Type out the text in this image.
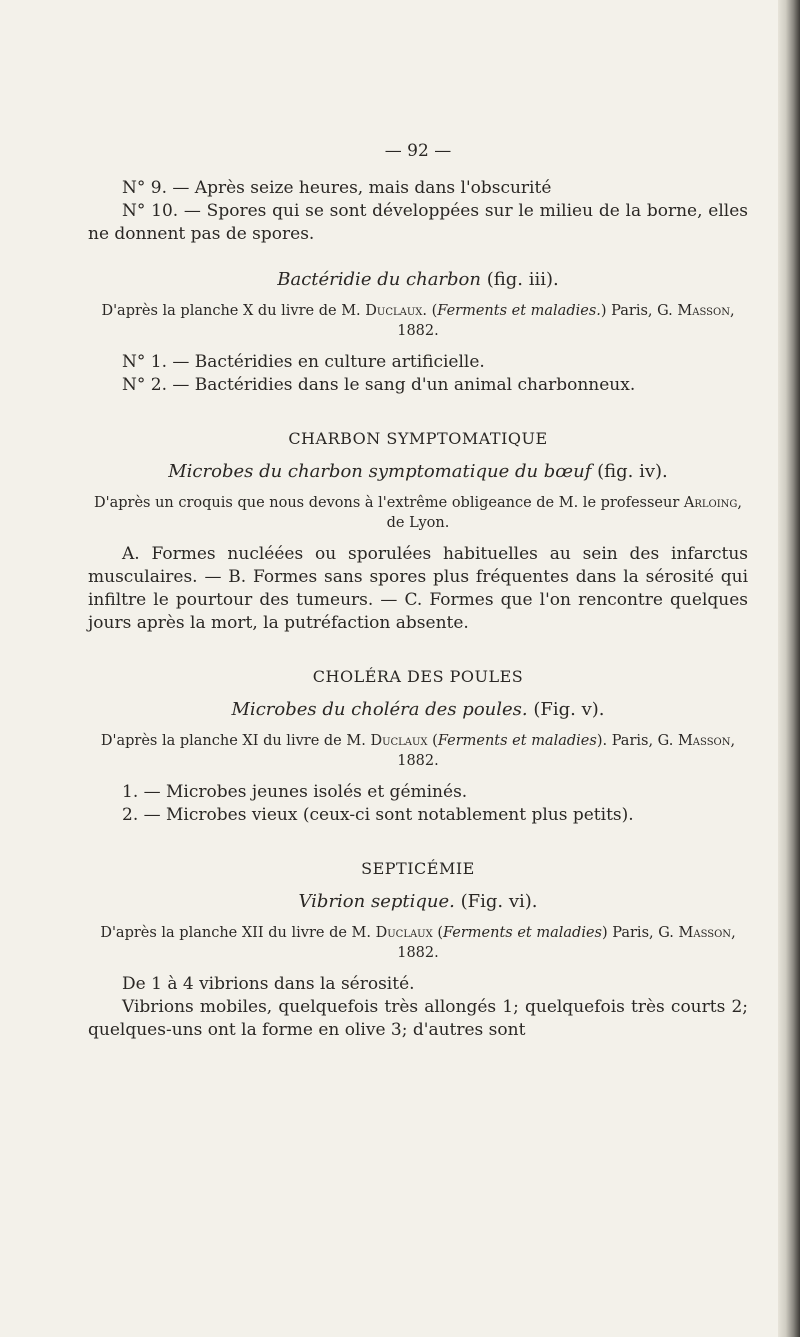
— 92 —

N° 9. — Après seize heures, mais dans l'obscurité

N° 10. — Spores qui se sont développées sur le milieu de la borne, elles ne donnent pas de spores.

Bactéridie du charbon (fig. iii).

D'après la planche X du livre de M. Duclaux. (Ferments et maladies.) Paris, G. Masson, 1882.

N° 1. — Bactéridies en culture artificielle.

N° 2. — Bactéridies dans le sang d'un animal charbonneux.

CHARBON SYMPTOMATIQUE

Microbes du charbon symptomatique du bœuf (fig. iv).

D'après un croquis que nous devons à l'extrême obligeance de M. le professeur Arloing, de Lyon.

A. Formes nucléées ou sporulées habituelles au sein des infarctus musculaires. — B. Formes sans spores plus fréquentes dans la sérosité qui infiltre le pourtour des tumeurs. — C. Formes que l'on rencontre quelques jours après la mort, la putréfaction absente.

CHOLÉRA DES POULES

Microbes du choléra des poules. (Fig. v).

D'après la planche XI du livre de M. Duclaux (Ferments et maladies). Paris, G. Masson, 1882.

1. — Microbes jeunes isolés et géminés.

2. — Microbes vieux (ceux-ci sont notablement plus petits).

SEPTICÉMIE

Vibrion septique. (Fig. vi).

D'après la planche XII du livre de M. Duclaux (Ferments et maladies) Paris, G. Masson, 1882.

De 1 à 4 vibrions dans la sérosité.

Vibrions mobiles, quelquefois très allongés 1; quelquefois très courts 2; quelques-uns ont la forme en olive 3; d'autres sont
